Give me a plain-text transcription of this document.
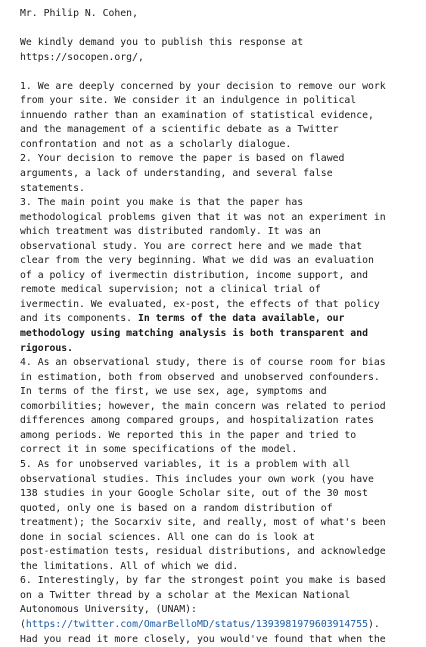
Mr. Philip N. Cohen,
We kindly demand you to publish this response at
https://socopen.org/,
1. We are deeply concerned by your decision to remove our work
from your site. We consider it an indulgence in political
innuendo rather than an examination of statistical evidence,
and the management of a scientific debate as a Twitter
confrontation and not as a scholarly dialogue.
2. Your decision to remove the paper is based on flawed
arguments, a lack of understanding, and several false
statements.
3. The main point you make is that the paper has
methodological problems given that it was not an experiment in
which treatment was distributed randomly. It was an
observational study. You are correct here and we made that
clear from the very beginning. What we did was an evaluation
of a policy of ivermectin distribution, income support, and
remote medical supervision; not a clinical trial of
ivermectin. We evaluated, ex-post, the effects of that policy
and its components. In terms of the data available, our
methodology using matching analysis is both transparent and
rigorous.
4. As an observational study, there is of course room for bias
in estimation, both from observed and unobserved confounders.
In terms of the first, we use sex, age, symptoms and
comorbilities; however, the main concern was related to period
differences among compared groups, and hospitalization rates
among periods. We reported this in the paper and tried to
correct it in some specifications of the model.
5. As for unobserved variables, it is a problem with all
observational studies. This includes your own work (you have
138 studies in your Google Scholar site, out of the 30 most
quoted, only one is based on a random distribution of
treatment); the Socarxiv site, and really, most of what's been
done in social sciences. All one can do is look at
post-estimation tests, residual distributions, and acknowledge
the limitations. All of which we did.
6. Interestingly, by far the strongest point you make is based
on a Twitter thread by a scholar at the Mexican National
Autonomous University, (UNAM):
(https://twitter.com/OmarBelloMD/status/1393981979603914755).
Had you read it more closely, you would've found that when the
